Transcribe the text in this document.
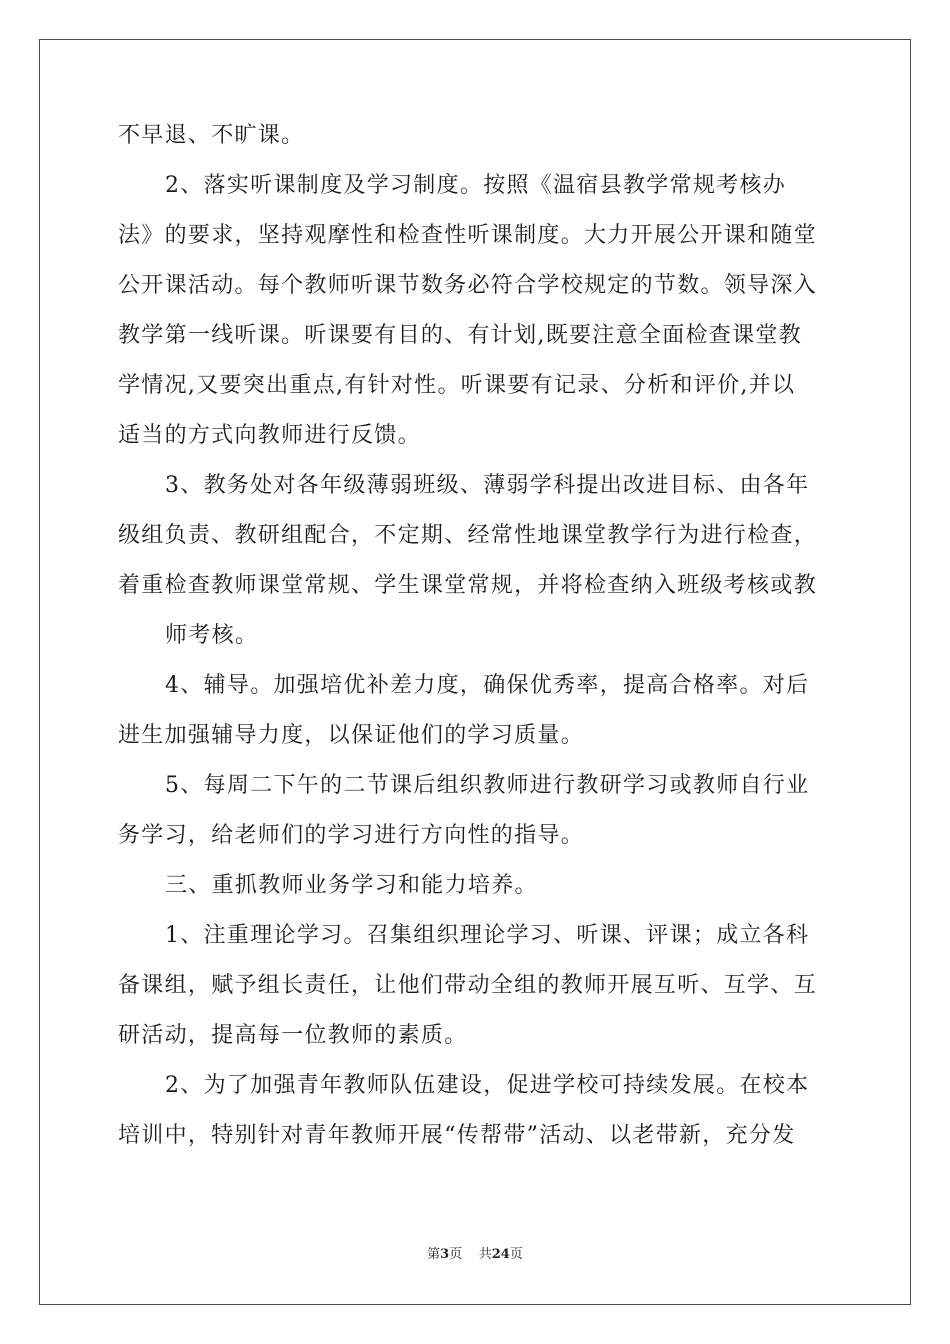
不早退、不旷课。
2、落实听课制度及学习制度。按照《温宿县教学常规考核办
法》的要求，坚持观摩性和检查性听课制度。大力开展公开课和随堂
公开课活动。每个教师听课节数务必符合学校规定的节数。领导深入
教学第一线听课。听课要有目的、有计划,既要注意全面检查课堂教
学情况,又要突出重点,有针对性。听课要有记录、分析和评价,并以
适当的方式向教师进行反馈。
3、教务处对各年级薄弱班级、薄弱学科提出改进目标、由各年
级组负责、教研组配合，不定期、经常性地课堂教学行为进行检查，
着重检查教师课堂常规、学生课堂常规，并将检查纳入班级考核或教
师考核。
4、辅导。加强培优补差力度，确保优秀率，提高合格率。对后
进生加强辅导力度，以保证他们的学习质量。
5、每周二下午的二节课后组织教师进行教研学习或教师自行业
务学习，给老师们的学习进行方向性的指导。
三、重抓教师业务学习和能力培养。
1、注重理论学习。召集组织理论学习、听课、评课；成立各科
备课组，赋予组长责任，让他们带动全组的教师开展互听、互学、互
研活动，提高每一位教师的素质。
2、为了加强青年教师队伍建设，促进学校可持续发展。在校本
培训中，特别针对青年教师开展“传帮带”活动、以老带新，充分发
第3页 共24页
